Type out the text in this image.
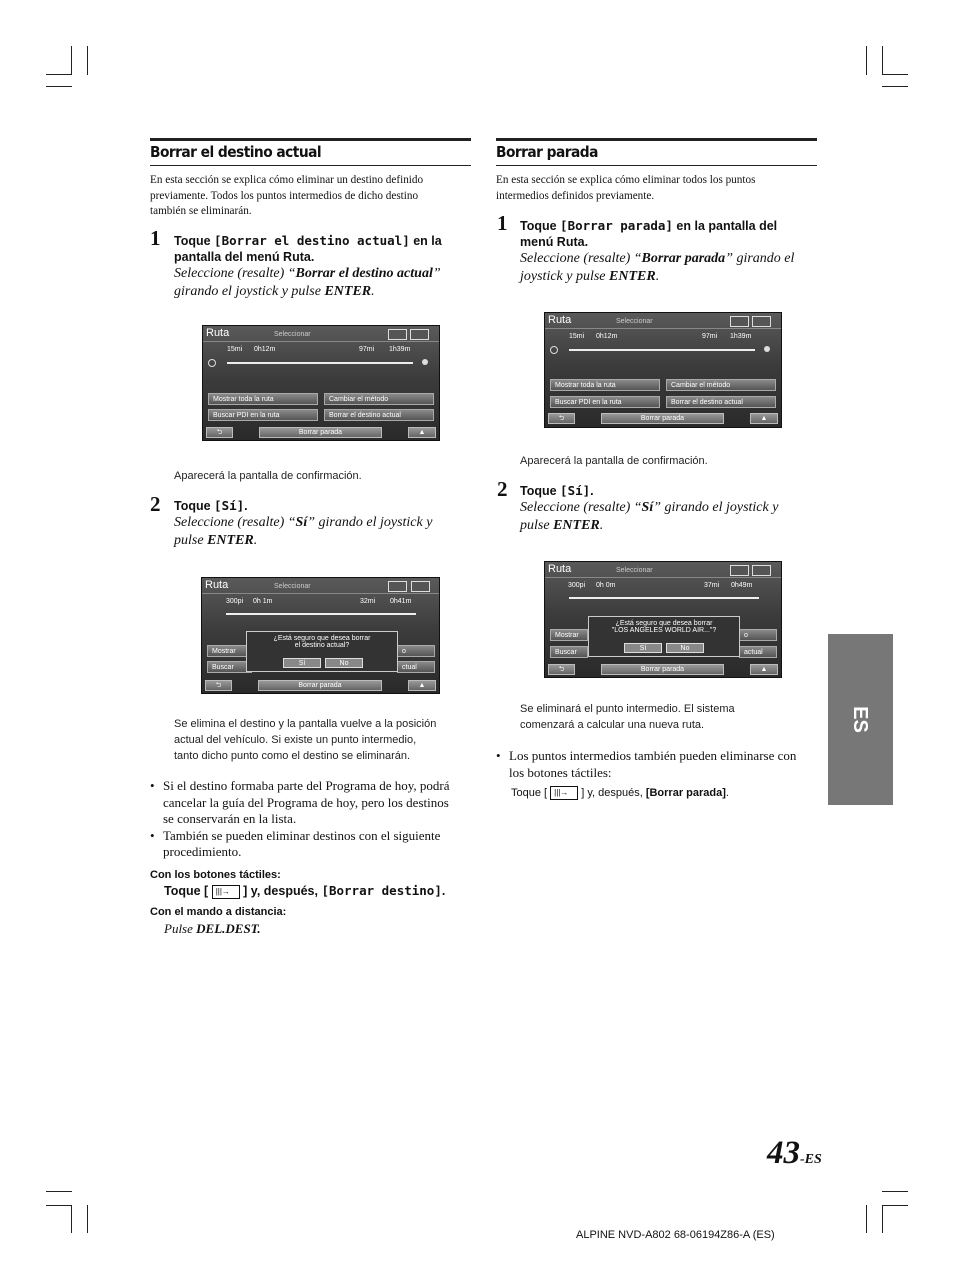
Borrar el destino actual
En esta sección se explica cómo eliminar un destino definido
previamente. Todos los puntos intermedios de dicho destino
también se eliminarán.
1 Toque [Borrar el destino actual] en la
pantalla del menú Ruta.
Seleccione (resalte) “Borrar el destino actual”
girando el joystick y pulse ENTER.
Ruta	Seleccionar
15mi 0h12m	97mi 1h39m
Mostrar toda la ruta	Cambiar el método
Buscar PDI en la ruta	Borrar el destino actual
⮌	Borrar parada	▲
Aparecerá la pantalla de confirmación.
2 Toque [Sí].
Seleccione (resalte) “Sí” girando el joystick y
pulse ENTER.
Ruta	Seleccionar
300pi 0h 1m	32mi 0h41m
Mostrar	o
Buscar	ctual
¿Está seguro que desea borrar
el destino actual?
Sí	No
⮌	Borrar parada	▲
Se elimina el destino y la pantalla vuelve a la posición
actual del vehículo. Si existe un punto intermedio,
tanto dicho punto como el destino se eliminarán.
• Si el destino formaba parte del Programa de hoy, podrá
cancelar la guía del Programa de hoy, pero los destinos
se conservarán en la lista.
• También se pueden eliminar destinos con el siguiente
procedimiento.
Con los botones táctiles:
Toque [ |||→ ] y, después, [Borrar destino].
Con el mando a distancia:
Pulse DEL.DEST.
Borrar parada
En esta sección se explica cómo eliminar todos los puntos
intermedios definidos previamente.
1 Toque [Borrar parada] en la pantalla del
menú Ruta.
Seleccione (resalte) “Borrar parada” girando el
joystick y pulse ENTER.
Ruta	Seleccionar
15mi 0h12m	97mi 1h39m
Mostrar toda la ruta	Cambiar el método
Buscar PDI en la ruta	Borrar el destino actual
⮌	Borrar parada	▲
Aparecerá la pantalla de confirmación.
2 Toque [Sí].
Seleccione (resalte) “Sí” girando el joystick y
pulse ENTER.
Ruta	Seleccionar
300pi 0h 0m	37mi 0h49m
Mostrar	o
Buscar	actual
¿Está seguro que desea borrar
"LOS ANGELES WORLD AIR..."?
Sí	No
⮌	Borrar parada	▲
Se eliminará el punto intermedio. El sistema
comenzará a calcular una nueva ruta.
• Los puntos intermedios también pueden eliminarse con
los botones táctiles:
Toque [ |||→ ] y, después, [Borrar parada].
ES
43-ES
ALPINE NVD-A802 68-06194Z86-A (ES)
